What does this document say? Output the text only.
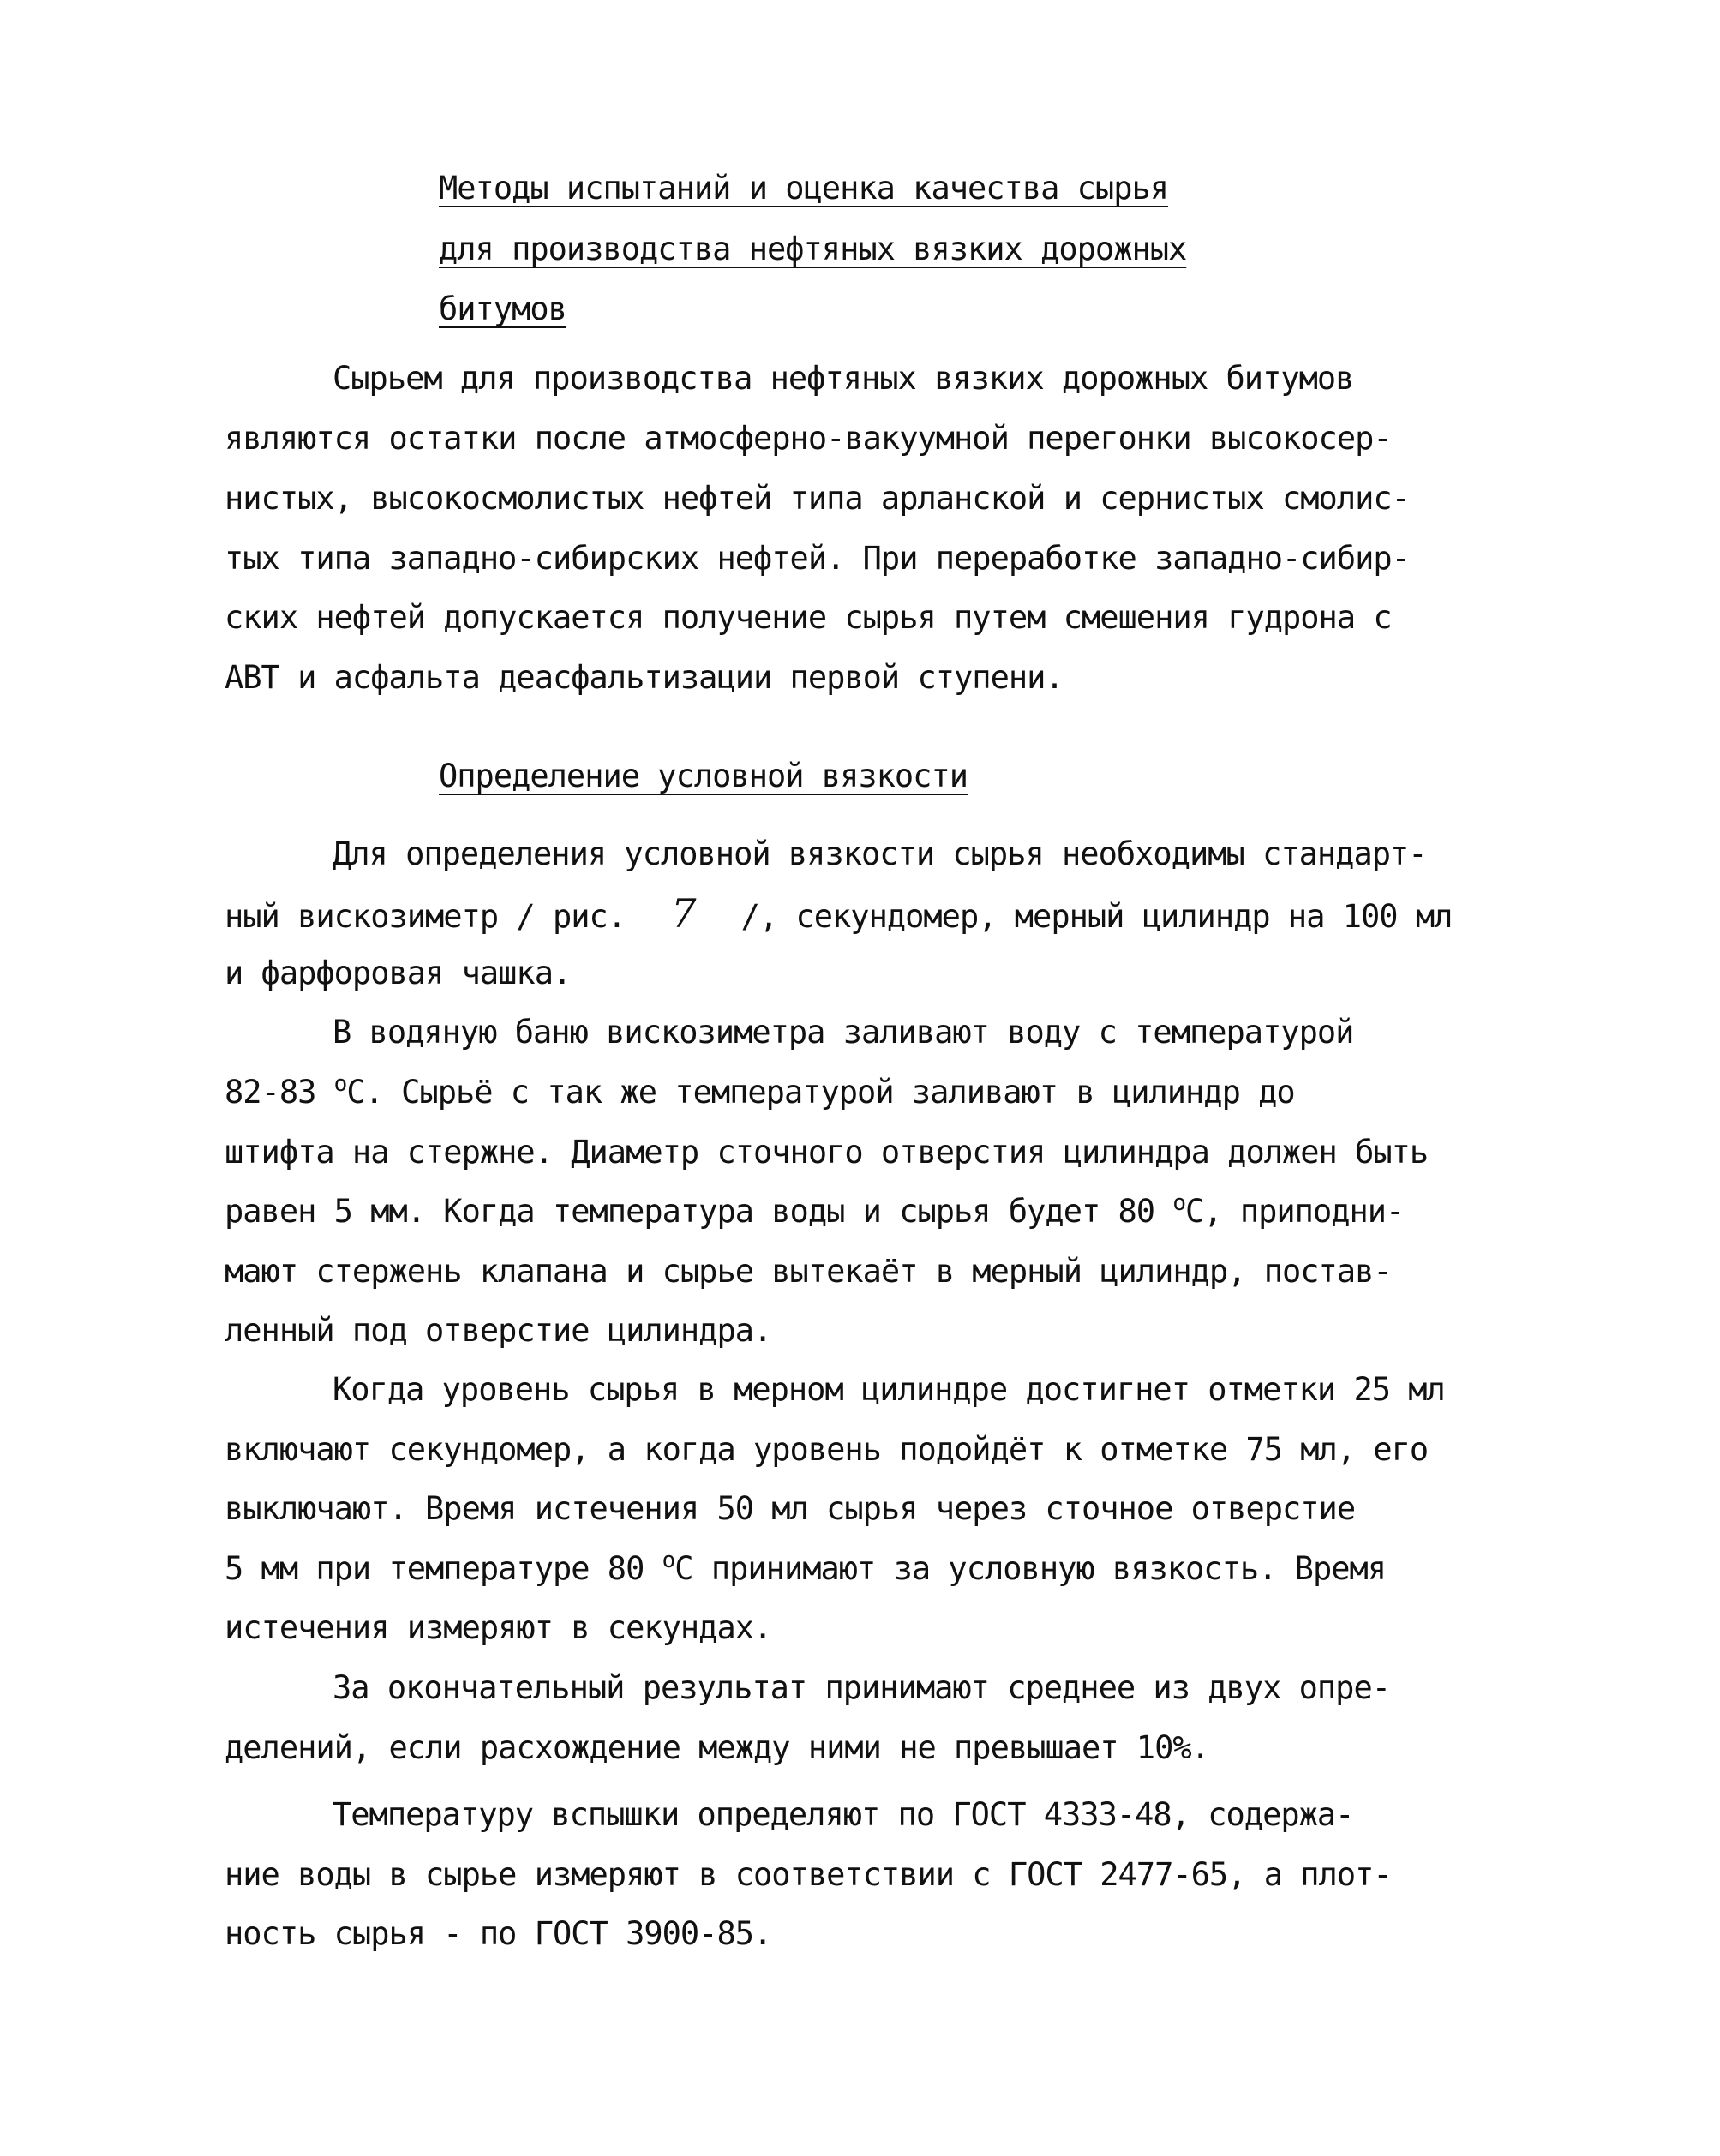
Методы испытаний и оценка качества сырья
для производства нефтяных вязких дорожных
битумов
Сырьем для производства нефтяных вязких дорожных битумов
являются остатки после атмосферно-вакуумной перегонки высокосер-
нистых, высокосмолистых нефтей типа арланской и сернистых смолис-
тых типа западно-сибирских нефтей. При переработке западно-сибир-
ских нефтей допускается получение сырья путем смешения гудрона с
АВТ и асфальта деасфальтизации первой ступени.
Определение условной вязкости
Для определения условной вязкости сырья необходимы стандарт-
ный вискозиметр / рис. 7 /, секундомер, мерный цилиндр на 100 мл
и фарфоровая чашка.
В водяную баню вискозиметра заливают воду с температурой
82-83 $^о$С. Сырьё с так же температурой заливают в цилиндр до
штифта на стержне. Диаметр сточного отверстия цилиндра должен быть
равен 5 мм. Когда температура воды и сырья будет 80 $^о$С, приподни-
мают стержень клапана и сырье вытекаёт в мерный цилиндр, постав-
ленный под отверстие цилиндра.
Когда уровень сырья в мерном цилиндре достигнет отметки 25 мл
включают секундомер, а когда уровень подойдёт к отметке 75 мл, его
выключают. Время истечения 50 мл сырья через сточное отверстие
5 мм при температуре 80 $^о$С принимают за условную вязкость. Время
истечения измеряют в секундах.
За окончательный результат принимают среднее из двух опре-
делений, если расхождение между ними не превышает 10%.
Температуру вспышки определяют по ГОСТ 4333-48, содержа-
ние воды в сырье измеряют в соответствии с ГОСТ 2477-65, а плот-
ность сырья - по ГОСТ 3900-85.
